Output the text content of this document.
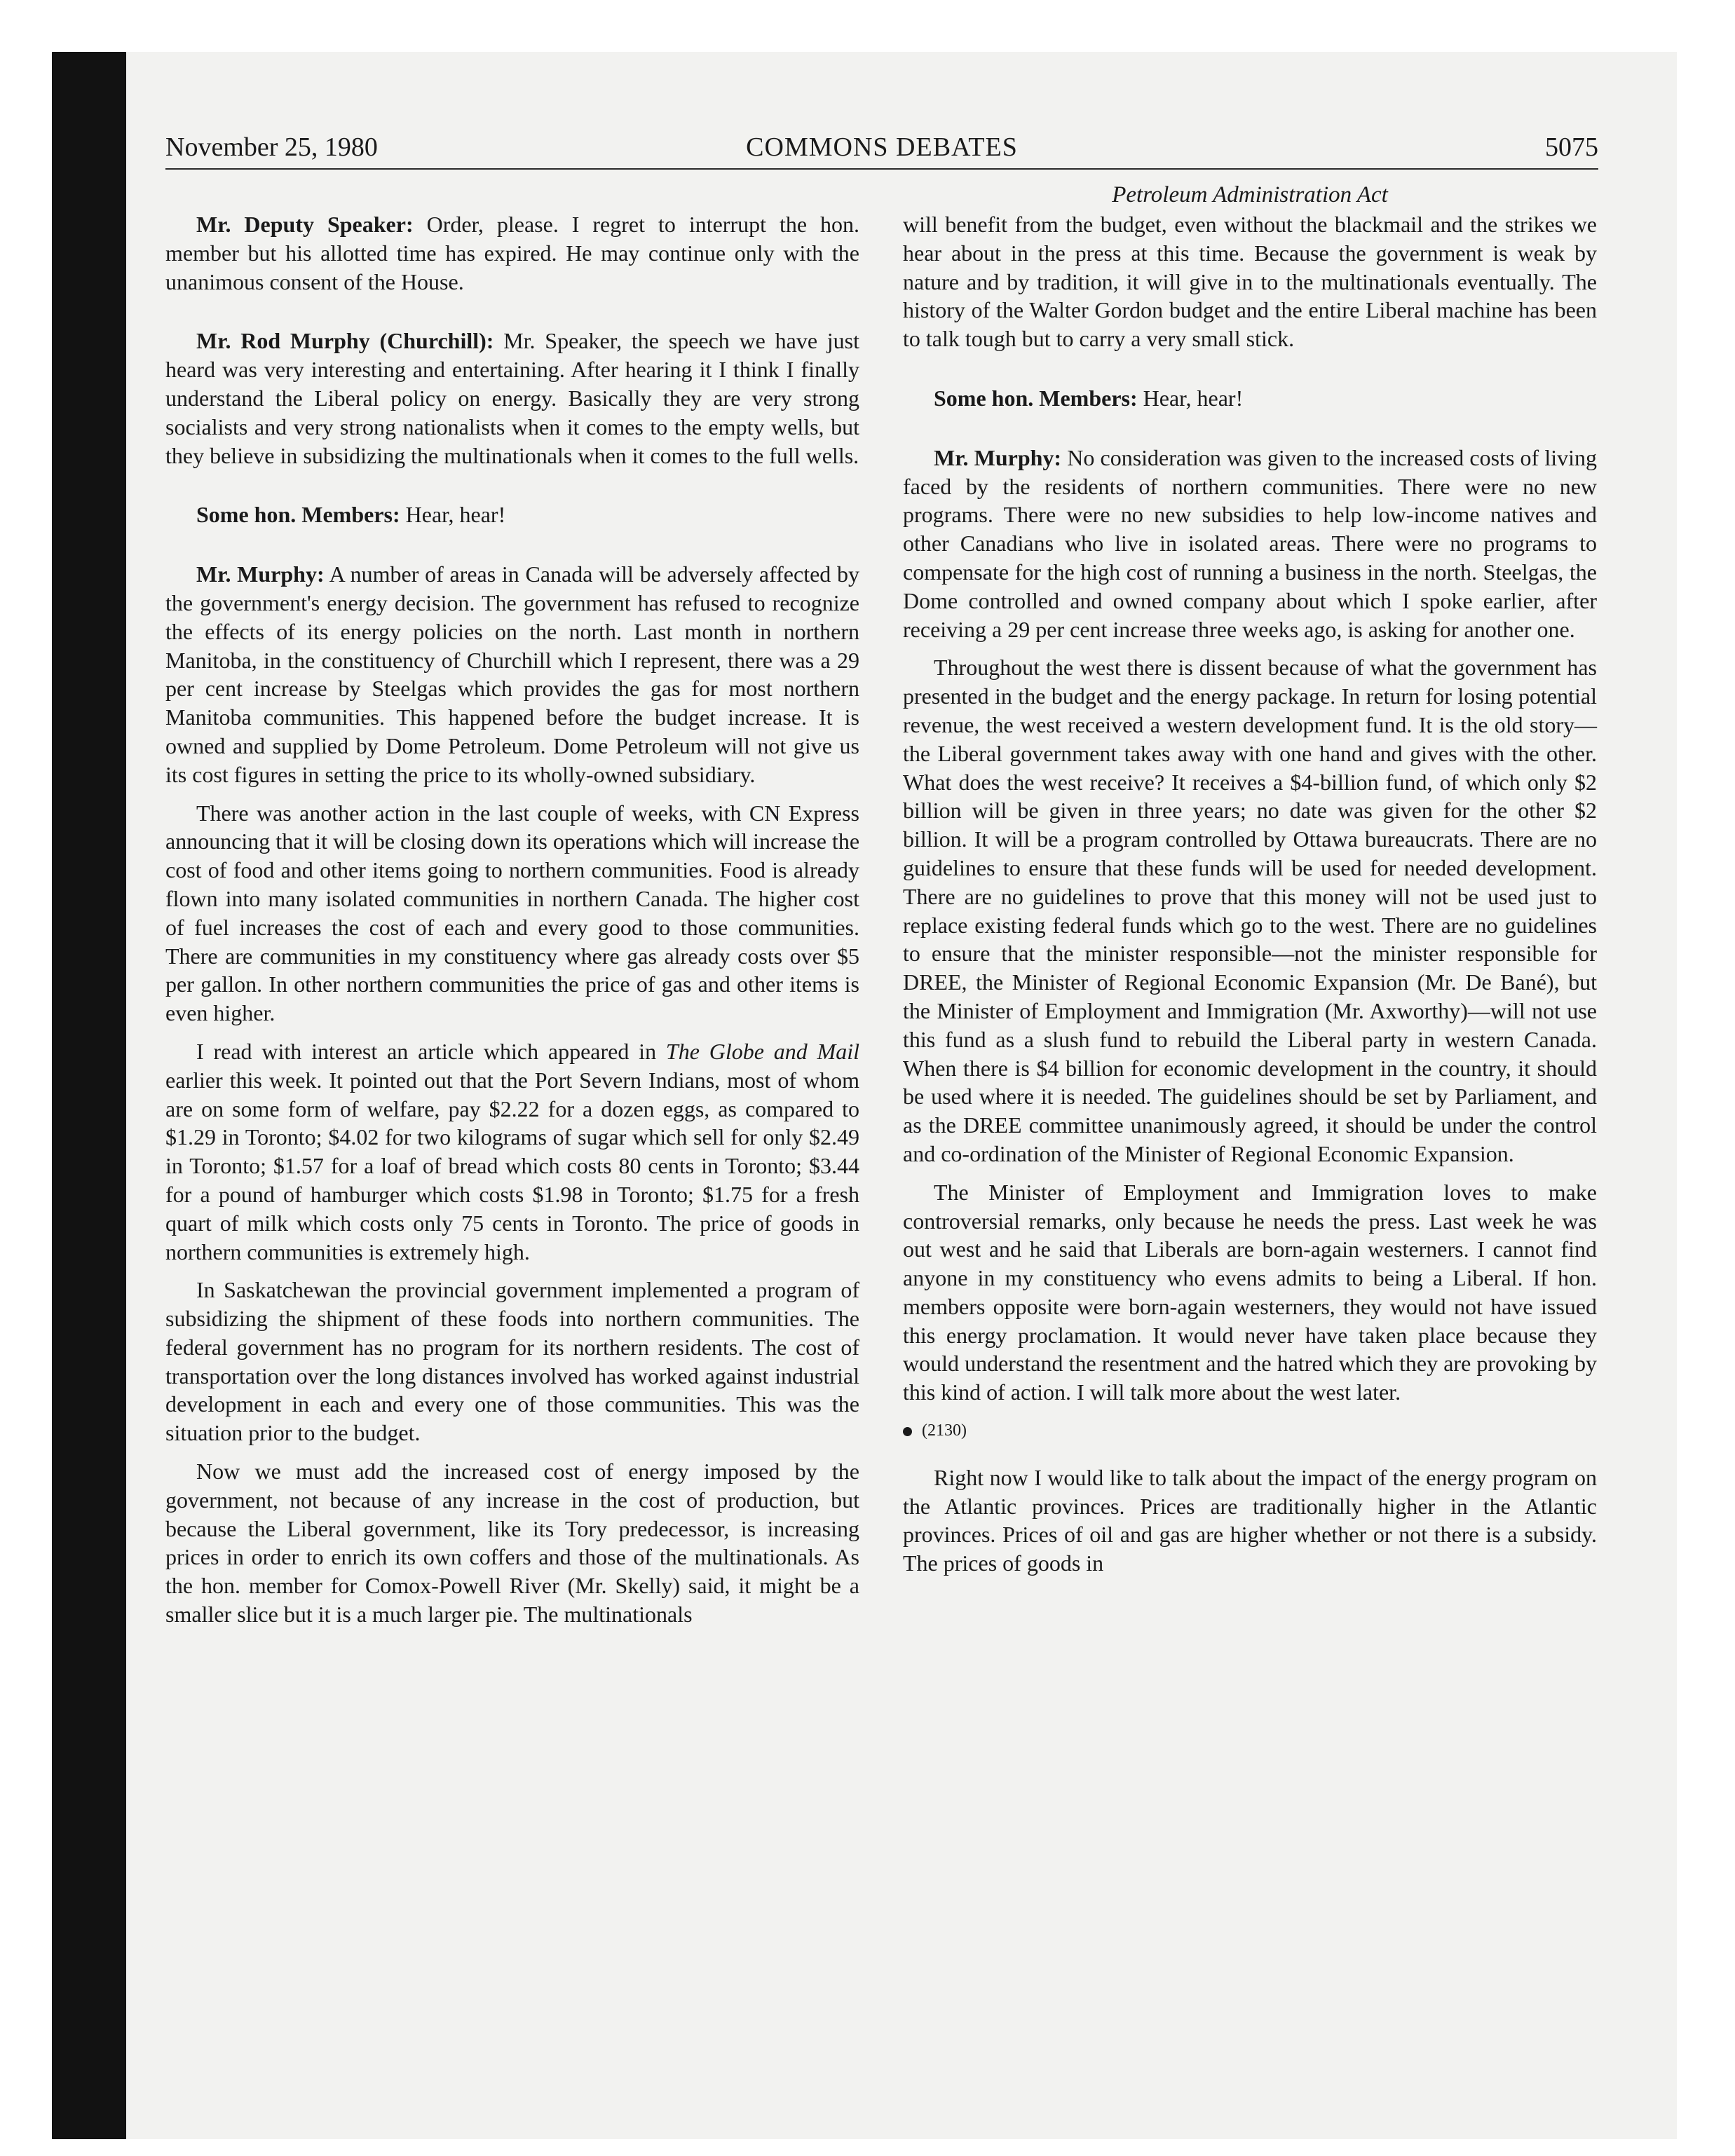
November 25, 1980	COMMONS DEBATES	5075

Mr. Deputy Speaker: Order, please. I regret to interrupt the hon. member but his allotted time has expired. He may continue only with the unanimous consent of the House.

Mr. Rod Murphy (Churchill): Mr. Speaker, the speech we have just heard was very interesting and entertaining. After hearing it I think I finally understand the Liberal policy on energy. Basically they are very strong socialists and very strong nationalists when it comes to the empty wells, but they believe in subsidizing the multinationals when it comes to the full wells.

Some hon. Members: Hear, hear!

Mr. Murphy: A number of areas in Canada will be adversely affected by the government's energy decision. The government has refused to recognize the effects of its energy policies on the north. Last month in northern Manitoba, in the constituency of Churchill which I represent, there was a 29 per cent increase by Steelgas which provides the gas for most northern Manitoba communities. This happened before the budget increase. It is owned and supplied by Dome Petroleum. Dome Petroleum will not give us its cost figures in setting the price to its wholly-owned subsidiary.

There was another action in the last couple of weeks, with CN Express announcing that it will be closing down its operations which will increase the cost of food and other items going to northern communities. Food is already flown into many isolated communities in northern Canada. The higher cost of fuel increases the cost of each and every good to those communities. There are communities in my constituency where gas already costs over $5 per gallon. In other northern communities the price of gas and other items is even higher.

I read with interest an article which appeared in The Globe and Mail earlier this week. It pointed out that the Port Severn Indians, most of whom are on some form of welfare, pay $2.22 for a dozen eggs, as compared to $1.29 in Toronto; $4.02 for two kilograms of sugar which sell for only $2.49 in Toronto; $1.57 for a loaf of bread which costs 80 cents in Toronto; $3.44 for a pound of hamburger which costs $1.98 in Toronto; $1.75 for a fresh quart of milk which costs only 75 cents in Toronto. The price of goods in northern communities is extremely high.

In Saskatchewan the provincial government implemented a program of subsidizing the shipment of these foods into northern communities. The federal government has no program for its northern residents. The cost of transportation over the long distances involved has worked against industrial development in each and every one of those communities. This was the situation prior to the budget.

Now we must add the increased cost of energy imposed by the government, not because of any increase in the cost of production, but because the Liberal government, like its Tory predecessor, is increasing prices in order to enrich its own coffers and those of the multinationals. As the hon. member for Comox-Powell River (Mr. Skelly) said, it might be a smaller slice but it is a much larger pie. The multinationals

Petroleum Administration Act

will benefit from the budget, even without the blackmail and the strikes we hear about in the press at this time. Because the government is weak by nature and by tradition, it will give in to the multinationals eventually. The history of the Walter Gordon budget and the entire Liberal machine has been to talk tough but to carry a very small stick.

Some hon. Members: Hear, hear!

Mr. Murphy: No consideration was given to the increased costs of living faced by the residents of northern communities. There were no new programs. There were no new subsidies to help low-income natives and other Canadians who live in isolated areas. There were no programs to compensate for the high cost of running a business in the north. Steelgas, the Dome controlled and owned company about which I spoke earlier, after receiving a 29 per cent increase three weeks ago, is asking for another one.

Throughout the west there is dissent because of what the government has presented in the budget and the energy package. In return for losing potential revenue, the west received a western development fund. It is the old story—the Liberal government takes away with one hand and gives with the other. What does the west receive? It receives a $4-billion fund, of which only $2 billion will be given in three years; no date was given for the other $2 billion. It will be a program controlled by Ottawa bureaucrats. There are no guidelines to ensure that these funds will be used for needed development. There are no guidelines to prove that this money will not be used just to replace existing federal funds which go to the west. There are no guidelines to ensure that the minister responsible—not the minister responsible for DREE, the Minister of Regional Economic Expansion (Mr. De Bané), but the Minister of Employment and Immigration (Mr. Axworthy)—will not use this fund as a slush fund to rebuild the Liberal party in western Canada. When there is $4 billion for economic development in the country, it should be used where it is needed. The guidelines should be set by Parliament, and as the DREE committee unanimously agreed, it should be under the control and co-ordination of the Minister of Regional Economic Expansion.

The Minister of Employment and Immigration loves to make controversial remarks, only because he needs the press. Last week he was out west and he said that Liberals are born-again westerners. I cannot find anyone in my constituency who evens admits to being a Liberal. If hon. members opposite were born-again westerners, they would not have issued this energy proclamation. It would never have taken place because they would understand the resentment and the hatred which they are provoking by this kind of action. I will talk more about the west later.

(2130)

Right now I would like to talk about the impact of the energy program on the Atlantic provinces. Prices are traditionally higher in the Atlantic provinces. Prices of oil and gas are higher whether or not there is a subsidy. The prices of goods in
